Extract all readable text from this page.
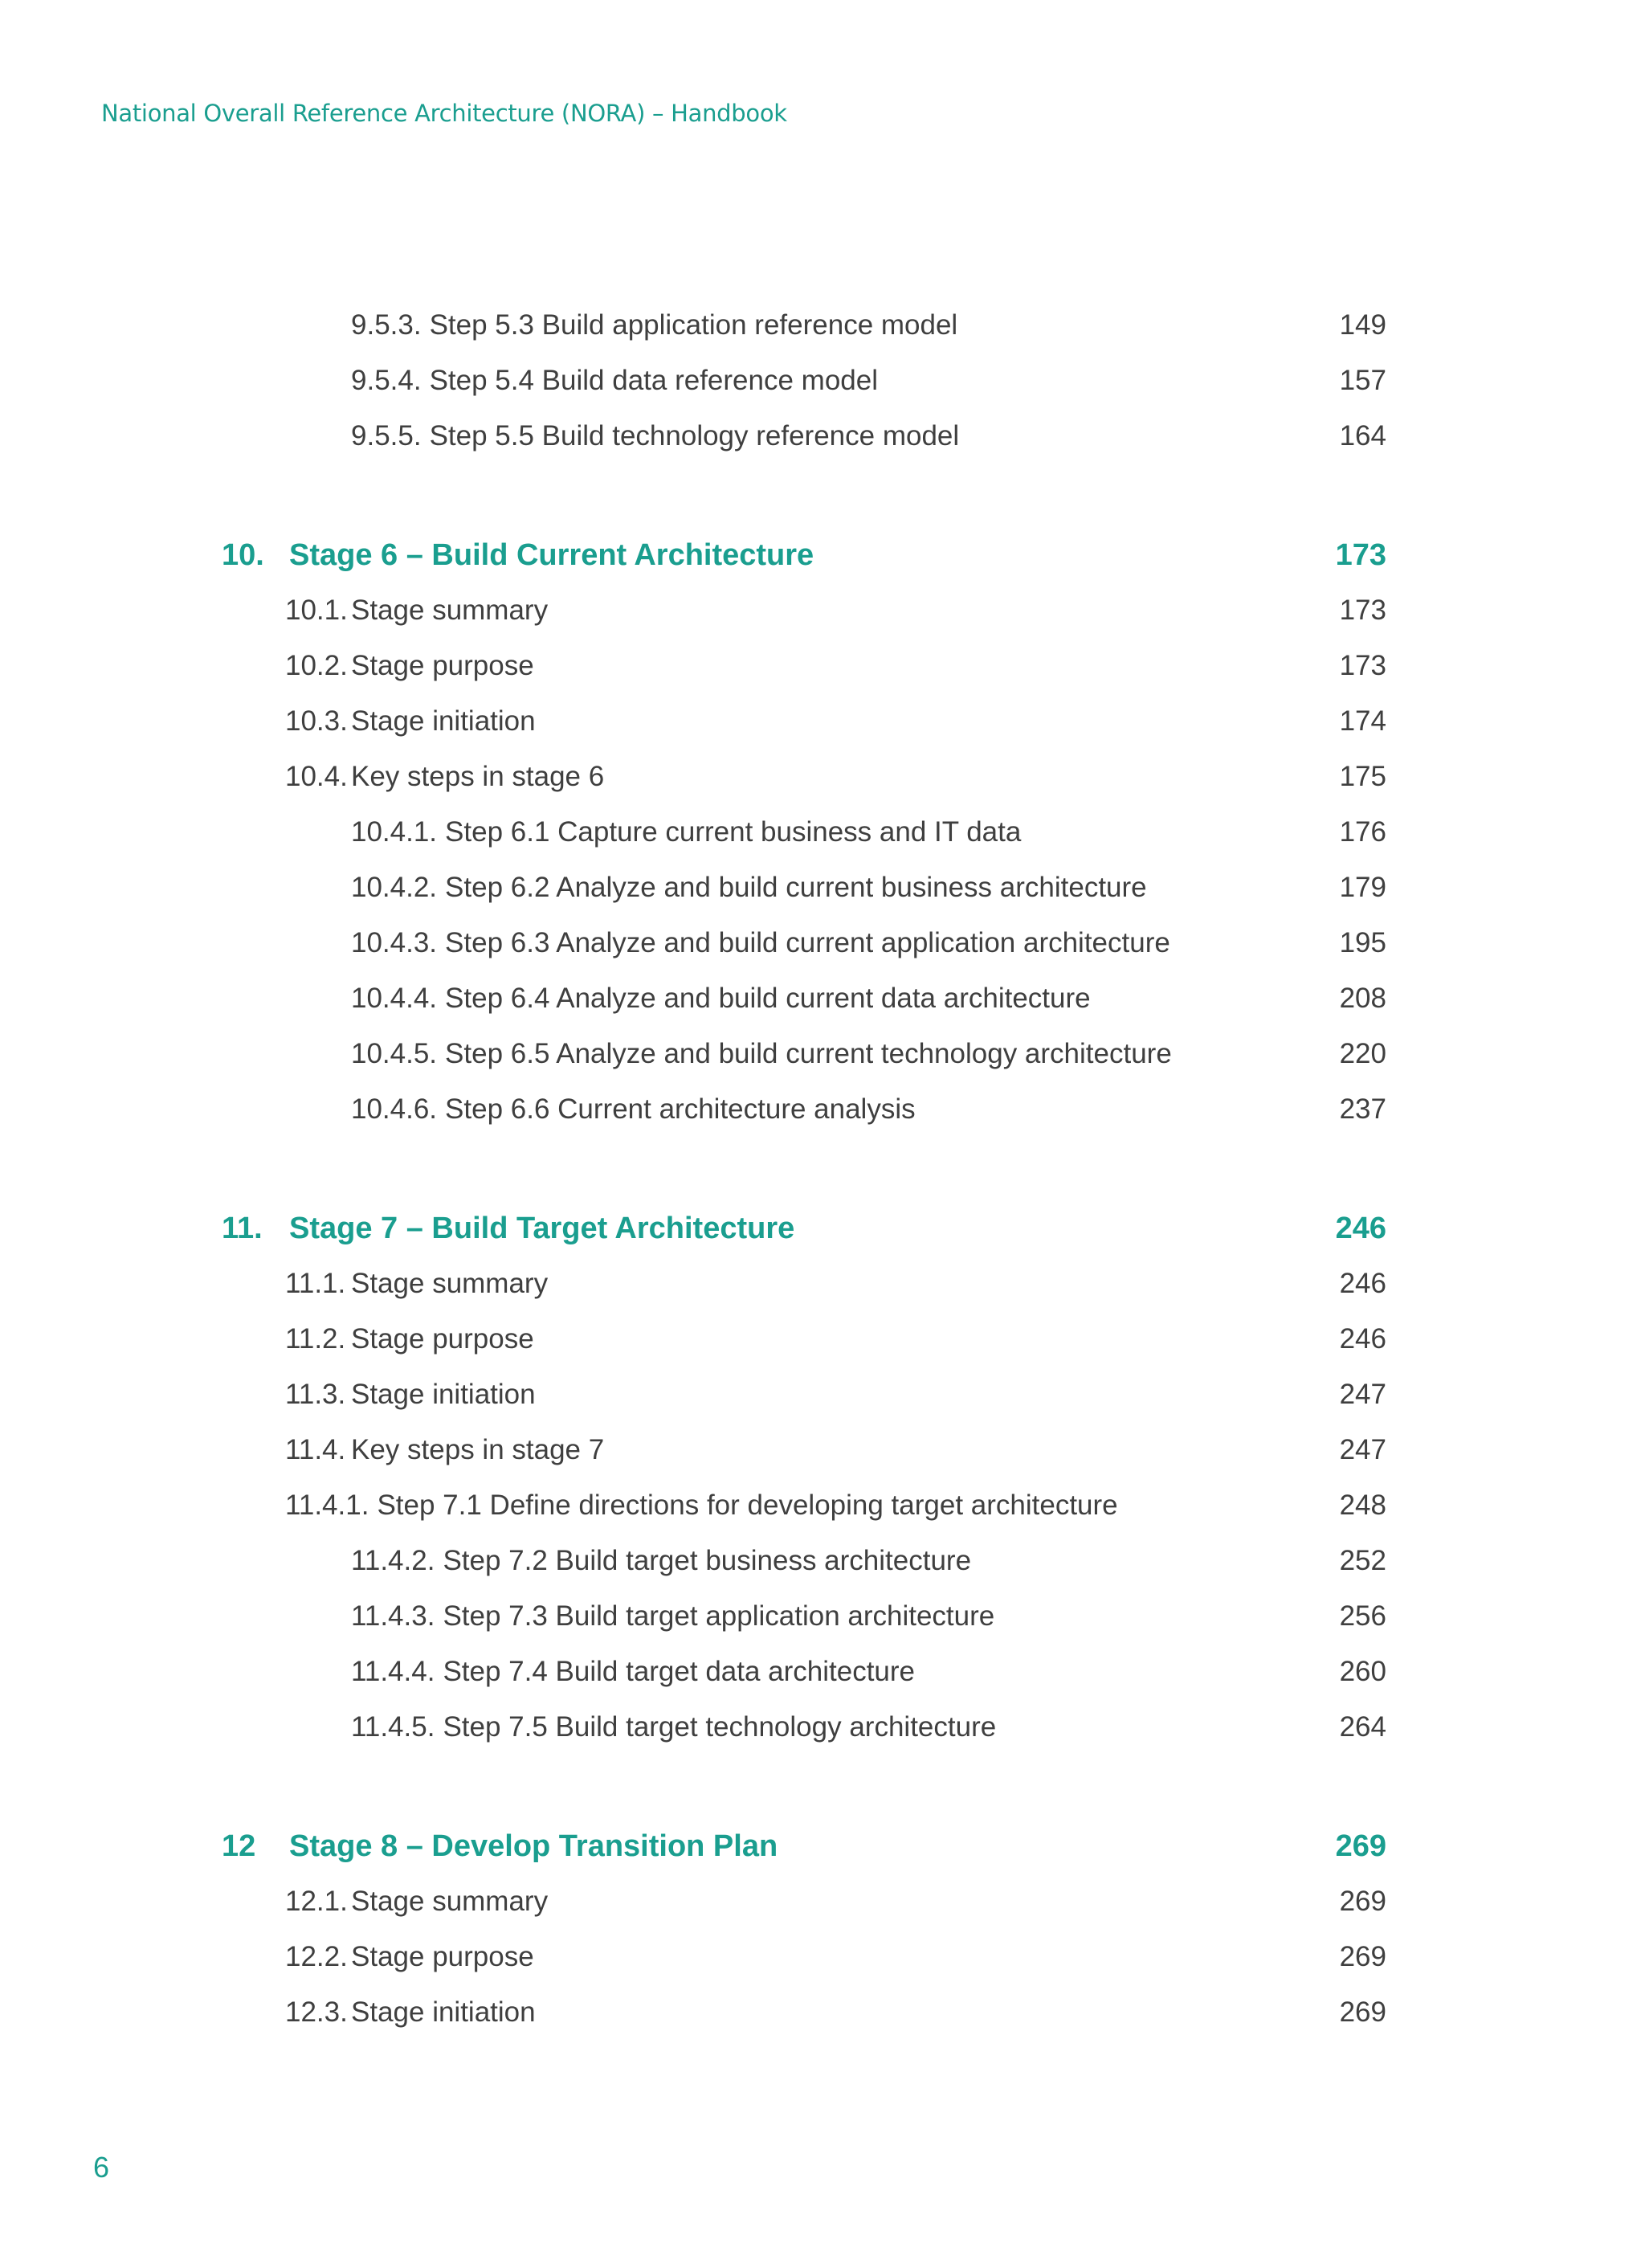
National Overall Reference Architecture (NORA) – Handbook
9.5.3. Step 5.3 Build application reference model	149
9.5.4. Step 5.4 Build data reference model	157
9.5.5. Step 5.5 Build technology reference model	164
10. Stage 6 – Build Current Architecture	173
10.1. Stage summary	173
10.2. Stage purpose	173
10.3. Stage initiation	174
10.4. Key steps in stage 6	175
10.4.1. Step 6.1 Capture current business and IT data	176
10.4.2. Step 6.2 Analyze and build current business architecture	179
10.4.3. Step 6.3 Analyze and build current application architecture	195
10.4.4. Step 6.4 Analyze and build current data architecture	208
10.4.5. Step 6.5 Analyze and build current technology architecture	220
10.4.6. Step 6.6 Current architecture analysis	237
11. Stage 7 – Build Target Architecture	246
11.1. Stage summary	246
11.2. Stage purpose	246
11.3. Stage initiation	247
11.4. Key steps in stage 7	247
11.4.1. Step 7.1 Define directions for developing target architecture	248
11.4.2. Step 7.2 Build target business architecture	252
11.4.3. Step 7.3 Build target application architecture	256
11.4.4. Step 7.4 Build target data architecture	260
11.4.5. Step 7.5 Build target technology architecture	264
12 Stage 8 – Develop Transition Plan	269
12.1. Stage summary	269
12.2. Stage purpose	269
12.3. Stage initiation	269
6
